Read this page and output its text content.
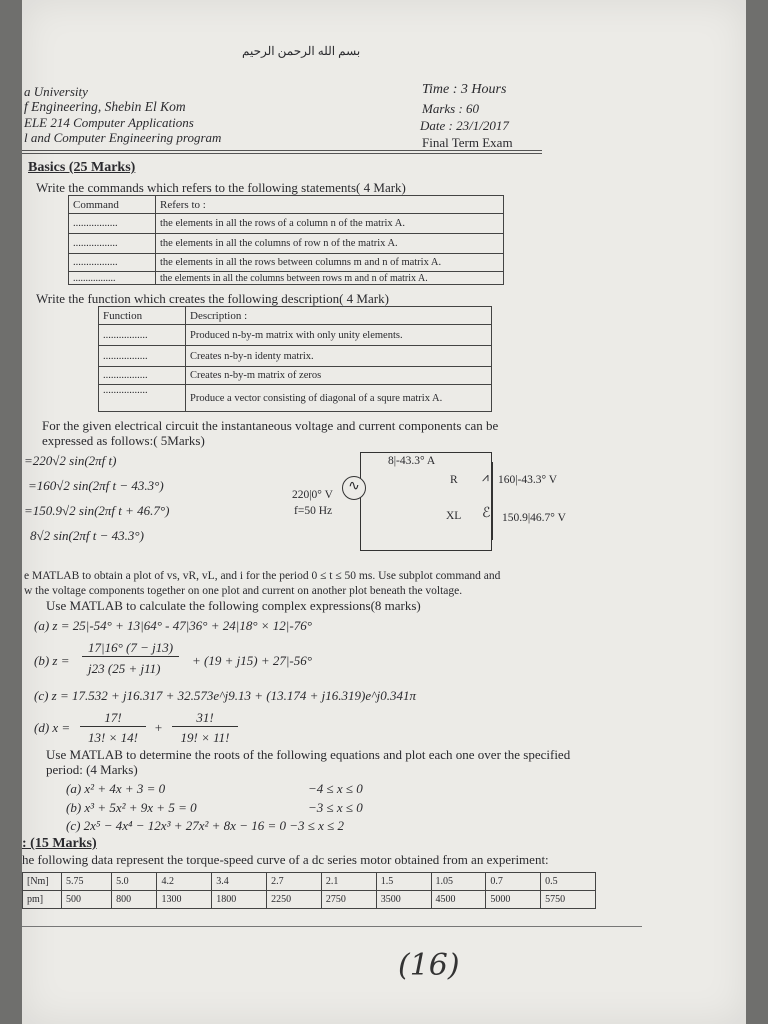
بسم الله الرحمن الرحيم
a University
f Engineering, Shebin El Kom
ELE 214 Computer Applications
l and Computer Engineering program
Time : 3 Hours
Marks : 60
Date : 23/1/2017
Final Term Exam
Basics (25 Marks)
Write the commands which refers to the following statements( 4 Mark)
Command	Refers to :
.................	the elements in all the rows of a column n of the matrix A.
.................	the elements in all the columns of row n of the matrix A.
.................	the elements in all the rows between columns m and n of matrix A.
.................	the elements in all the columns between rows m and n of matrix A.
Write the function which creates the following description( 4 Mark)
Function	Description :
.................	Produced n-by-m matrix with only unity elements.
.................	Creates n-by-n identy matrix.
.................	Creates n-by-m matrix of zeros
.................	Produce a vector consisting of diagonal of a squre matrix A.
For the given electrical circuit the instantaneous voltage and current components can be
expressed as follows:( 5Marks)
=220√2 sin(2πf t)
=160√2 sin(2πf t − 43.3°)
=150.9√2 sin(2πf t + 46.7°)
8√2 sin(2πf t − 43.3°)
∿
8|-43.3° A
220|0° V
f=50 Hz
R ⩘
XL ℰ
160|-43.3° V
150.9|46.7° V
e MATLAB to obtain a plot of vs, vR, vL, and i for the period 0 ≤ t ≤ 50 ms. Use subplot command and
w the voltage components together on one plot and current on another plot beneath the voltage.
Use MATLAB to calculate the following complex expressions(8 marks)
(a) z = 25|-54° + 13|64° - 47|36° + 24|18° × 12|-76°
(b) z =
17|16° (7 − j13)
j23 (25 + j11)
+ (19 + j15) + 27|-56°
(c) z = 17.532 + j16.317 + 32.573e^j9.13 + (13.174 + j16.319)e^j0.341π
(d) x =
17!
13! × 14!
+
31!
19! × 11!
Use MATLAB to determine the roots of the following equations and plot each one over the specified
period: (4 Marks)
(a) x² + 4x + 3 = 0	−4 ≤ x ≤ 0
(b) x³ + 5x² + 9x + 5 = 0	−3 ≤ x ≤ 0
(c) 2x⁵ − 4x⁴ − 12x³ + 27x² + 8x − 16 = 0 −3 ≤ x ≤ 2
: (15 Marks)
he following data represent the torque-speed curve of a dc series motor obtained from an experiment:
[Nm]	5.75	5.0	4.2	3.4	2.7	2.1	1.5	1.05	0.7	0.5
pm]	500	800	1300	1800	2250	2750	3500	4500	5000	5750
(16)
